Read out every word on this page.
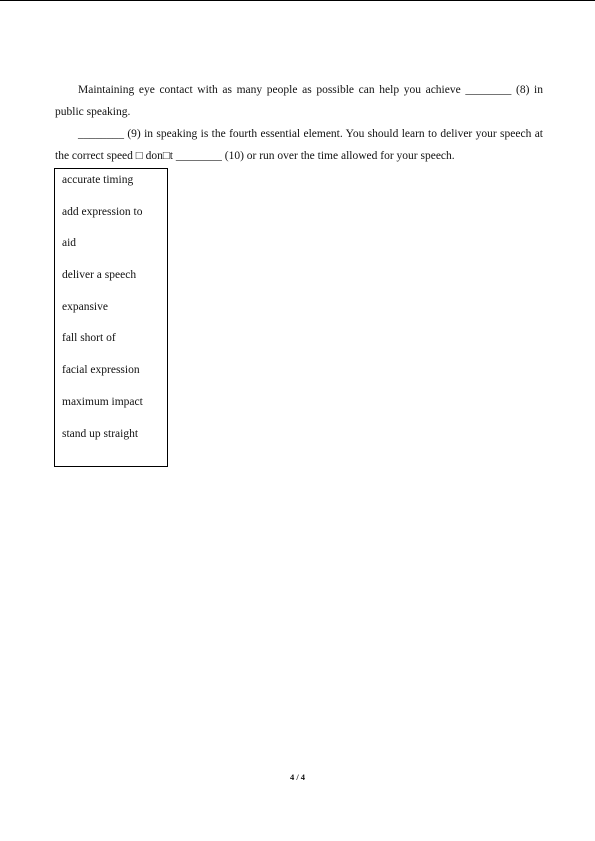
Maintaining eye contact with as many people as possible can help you achieve ________ (8) in public speaking.

________ (9) in speaking is the fourth essential element. You should learn to deliver your speech at the correct speed □ don□t ________ (10) or run over the time allowed for your speech.

accurate timing
add expression to
aid
deliver a speech
expansive
fall short of
facial expression
maximum impact
stand up straight
4 / 4
